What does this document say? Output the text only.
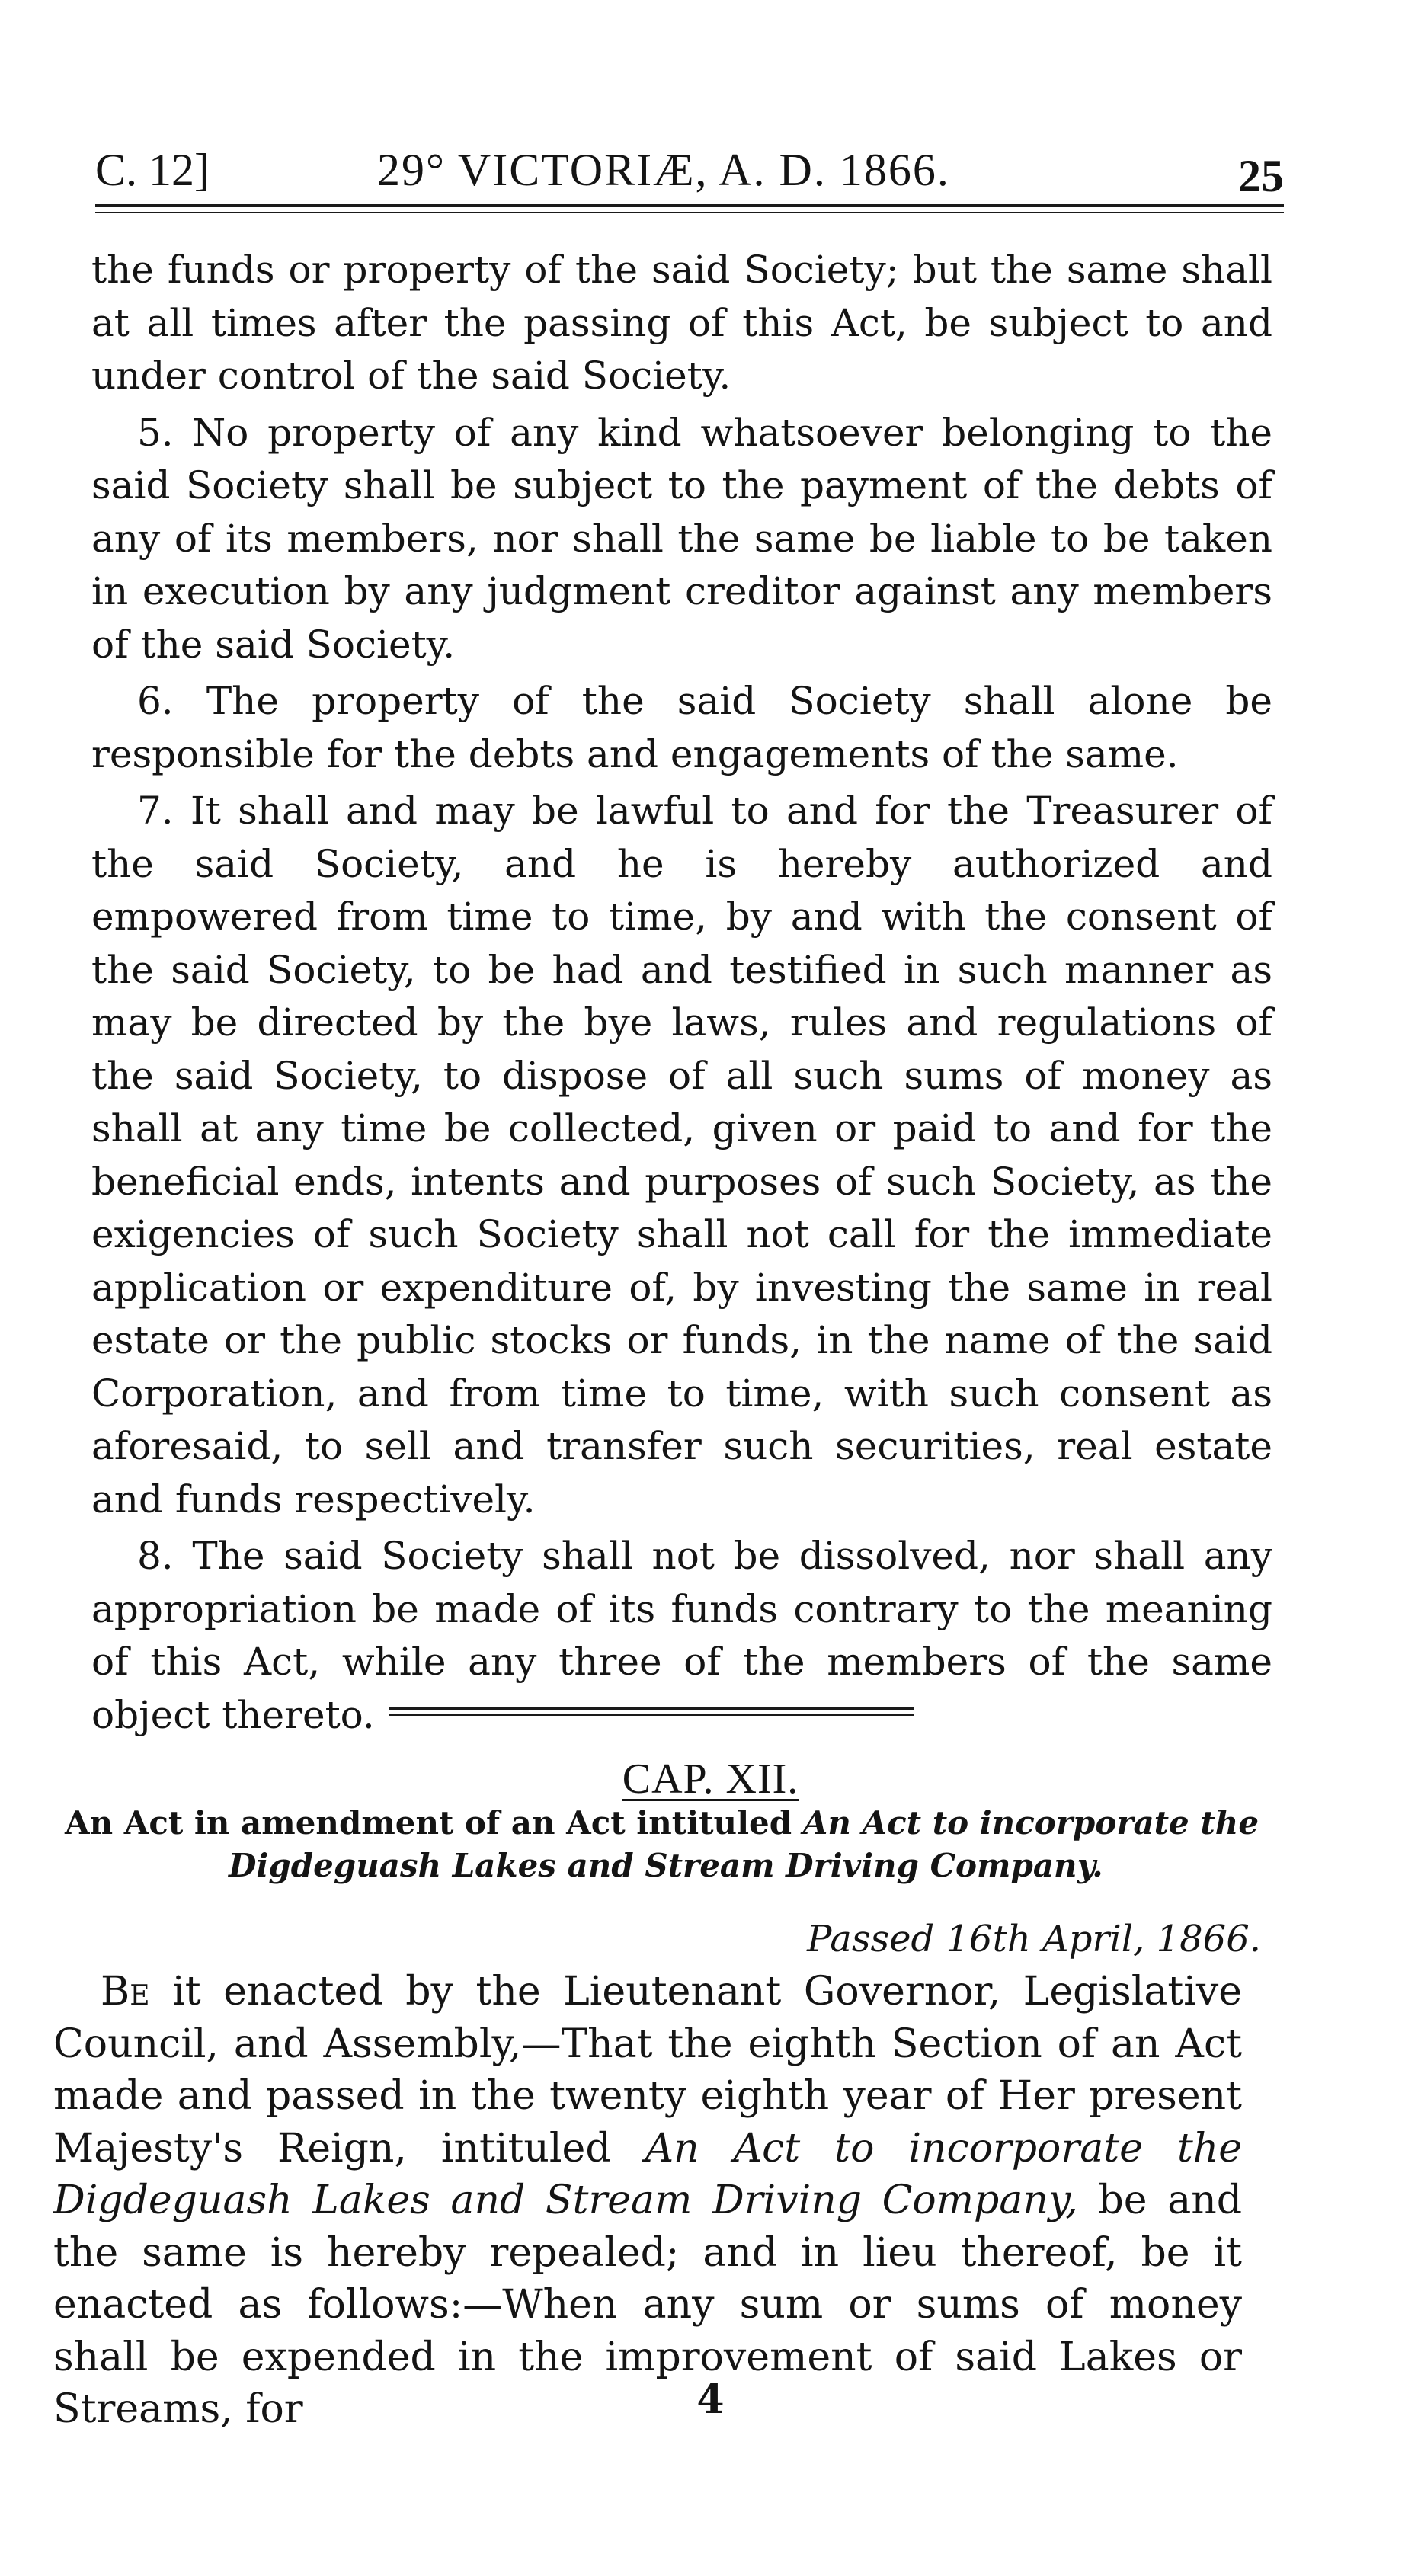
C. 12]	29° VICTORIÆ, A. D. 1866.	25

the funds or property of the said Society; but the same shall at all times after the passing of this Act, be subject to and under control of the said Society.

5. No property of any kind whatsoever belonging to the said Society shall be subject to the payment of the debts of any of its members, nor shall the same be liable to be taken in execution by any judgment creditor against any members of the said Society.

6. The property of the said Society shall alone be responsible for the debts and engagements of the same.

7. It shall and may be lawful to and for the Treasurer of the said Society, and he is hereby authorized and empowered from time to time, by and with the consent of the said Society, to be had and testified in such manner as may be directed by the bye laws, rules and regulations of the said Society, to dispose of all such sums of money as shall at any time be collected, given or paid to and for the beneficial ends, intents and purposes of such Society, as the exigencies of such Society shall not call for the immediate application or expenditure of, by investing the same in real estate or the public stocks or funds, in the name of the said Corporation, and from time to time, with such consent as aforesaid, to sell and transfer such securities, real estate and funds respectively.

8. The said Society shall not be dissolved, nor shall any appropriation be made of its funds contrary to the meaning of this Act, while any three of the members of the same object thereto.

CAP. XII.
An Act in amendment of an Act intituled An Act to incorporate the
Digdeguash Lakes and Stream Driving Company.
Passed 16th April, 1866.
Be it enacted by the Lieutenant Governor, Legislative Council, and Assembly,—That the eighth Section of an Act made and passed in the twenty eighth year of Her present Majesty's Reign, intituled An Act to incorporate the Digdeguash Lakes and Stream Driving Company, be and the same is hereby repealed; and in lieu thereof, be it enacted as follows:—When any sum or sums of money shall be expended in the improvement of said Lakes or Streams, for	4
